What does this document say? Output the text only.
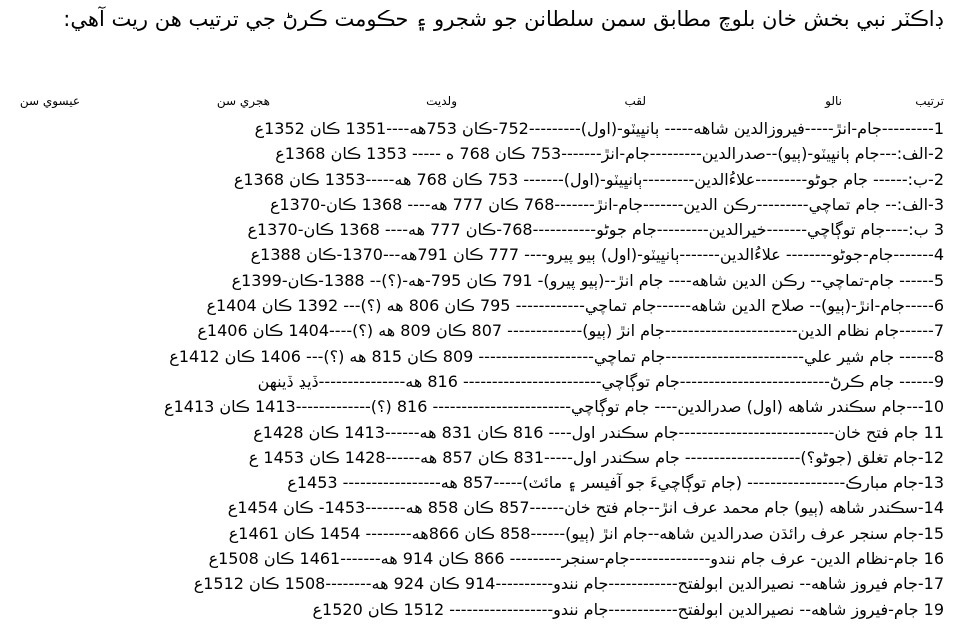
ڊاڪٽر نبي بخش خان بلوچ مطابق سمن سلطانن جو شجرو ۽ حڪومت ڪرڻ جي ترتيب هن ريت آهي:

ترتيب
نالو
لقب
ولديت
هجري سن
عيسوي سن
1---------جام-انڙ-----فيروزالدين شاهه----- ٻانڀيٽو-(اول)---------752-ڪان 753هه----1351 ڪان 1352ع
2-الف:---جام ٻانڀيٽو-(ٻيو)--صدرالدين---------جام-انڙ-------753 ڪان 768 ه ----- 1353 ڪان 1368ع
2-ب:------ جام جوڻو---------علاءُالدين---------ٻانڀيٽو-(اول)------- 753 ڪان 768 هه-----1353 ڪان 1368ع
3-الف:-- جام تماچي---------رڪن الدين-------جام-انڙ-------768 ڪان 777 هه---- 1368 ڪان-1370ع
3 ب:----جام توڳاچي-------خيرالدين---------جام جوڻو-----------768-ڪان 777 هه---- 1368 ڪان-1370ع
4-------جام-جوڻو-------- علاءُالدين-------ٻانڀيٽو-(اول) ٻيو پيرو---- 777 ڪان 791هه---1370-ڪان 1388ع
5------ جام-تماچي-- رڪن الدين شاهه---- جام انڙ--(ٻيو پيرو)- 791 ڪان 795-هه-(؟)-- 1388-ڪان-1399ع
6-----جام-انڙ-(ٻيو)-- صلاح الدين شاهه------جام تماچي------------ 795 ڪان 806 هه (؟)--- 1392 ڪان 1404ع
7------جام نظام الدين-----------------------جام انڙ (ٻيو)------------- 807 ڪان 809 هه (؟)----1404 ڪان 1406ع
8------ جام شير علي------------------------جام تماچي-------------------- 809 ڪان 815 هه (؟)--- 1406 ڪان 1412ع
9------ جام ڪرڻ--------------------------جام توڳاچي------------------------ 816 هه---------------ڏيڍ ڏينهن
10---جام سڪندر شاهه (اول) صدرالدين---- جام توڳاچي------------------------ 816 (؟)-------------1413 ڪان 1413ع
11 جام فتح خان---------------------------جام سڪندر اول---- 816 ڪان 831 هه------1413 ڪان 1428ع
12-جام تغلق (جوڻو؟)-------------------- جام سڪندر اول-----831 ڪان 857 هه------1428 ڪان 1453 ع
13-جام مبارڪ----------------- (جام توڳاچيءَ جو آفيسر ۽ مائٽ)-----857 هه----------------- 1453ع
14-سڪندر شاهه (ٻيو) جام محمد عرف انڙ--جام فتح خان------857 ڪان 858 هه-------1453- ڪان 1454ع
15-جام سنجر عرف رائڌن صدرالدين شاهه--جام انڙ (ٻيو)------858 ڪان 866هه-------- 1454 ڪان 1461ع
16 جام-نظام الدين- عرف جام نندو--------------جام-سنجر--------- 866 ڪان 914 هه-------1461 ڪان 1508ع
17-جام فيروز شاهه-- نصيرالدين ابولفتح------------جام نندو----------914 ڪان 924 هه--------1508 ڪان 1512ع
19 جام-فيروز شاهه-- نصيرالدين ابولفتح------------جام نندو------------------ 1512 ڪان 1520ع
